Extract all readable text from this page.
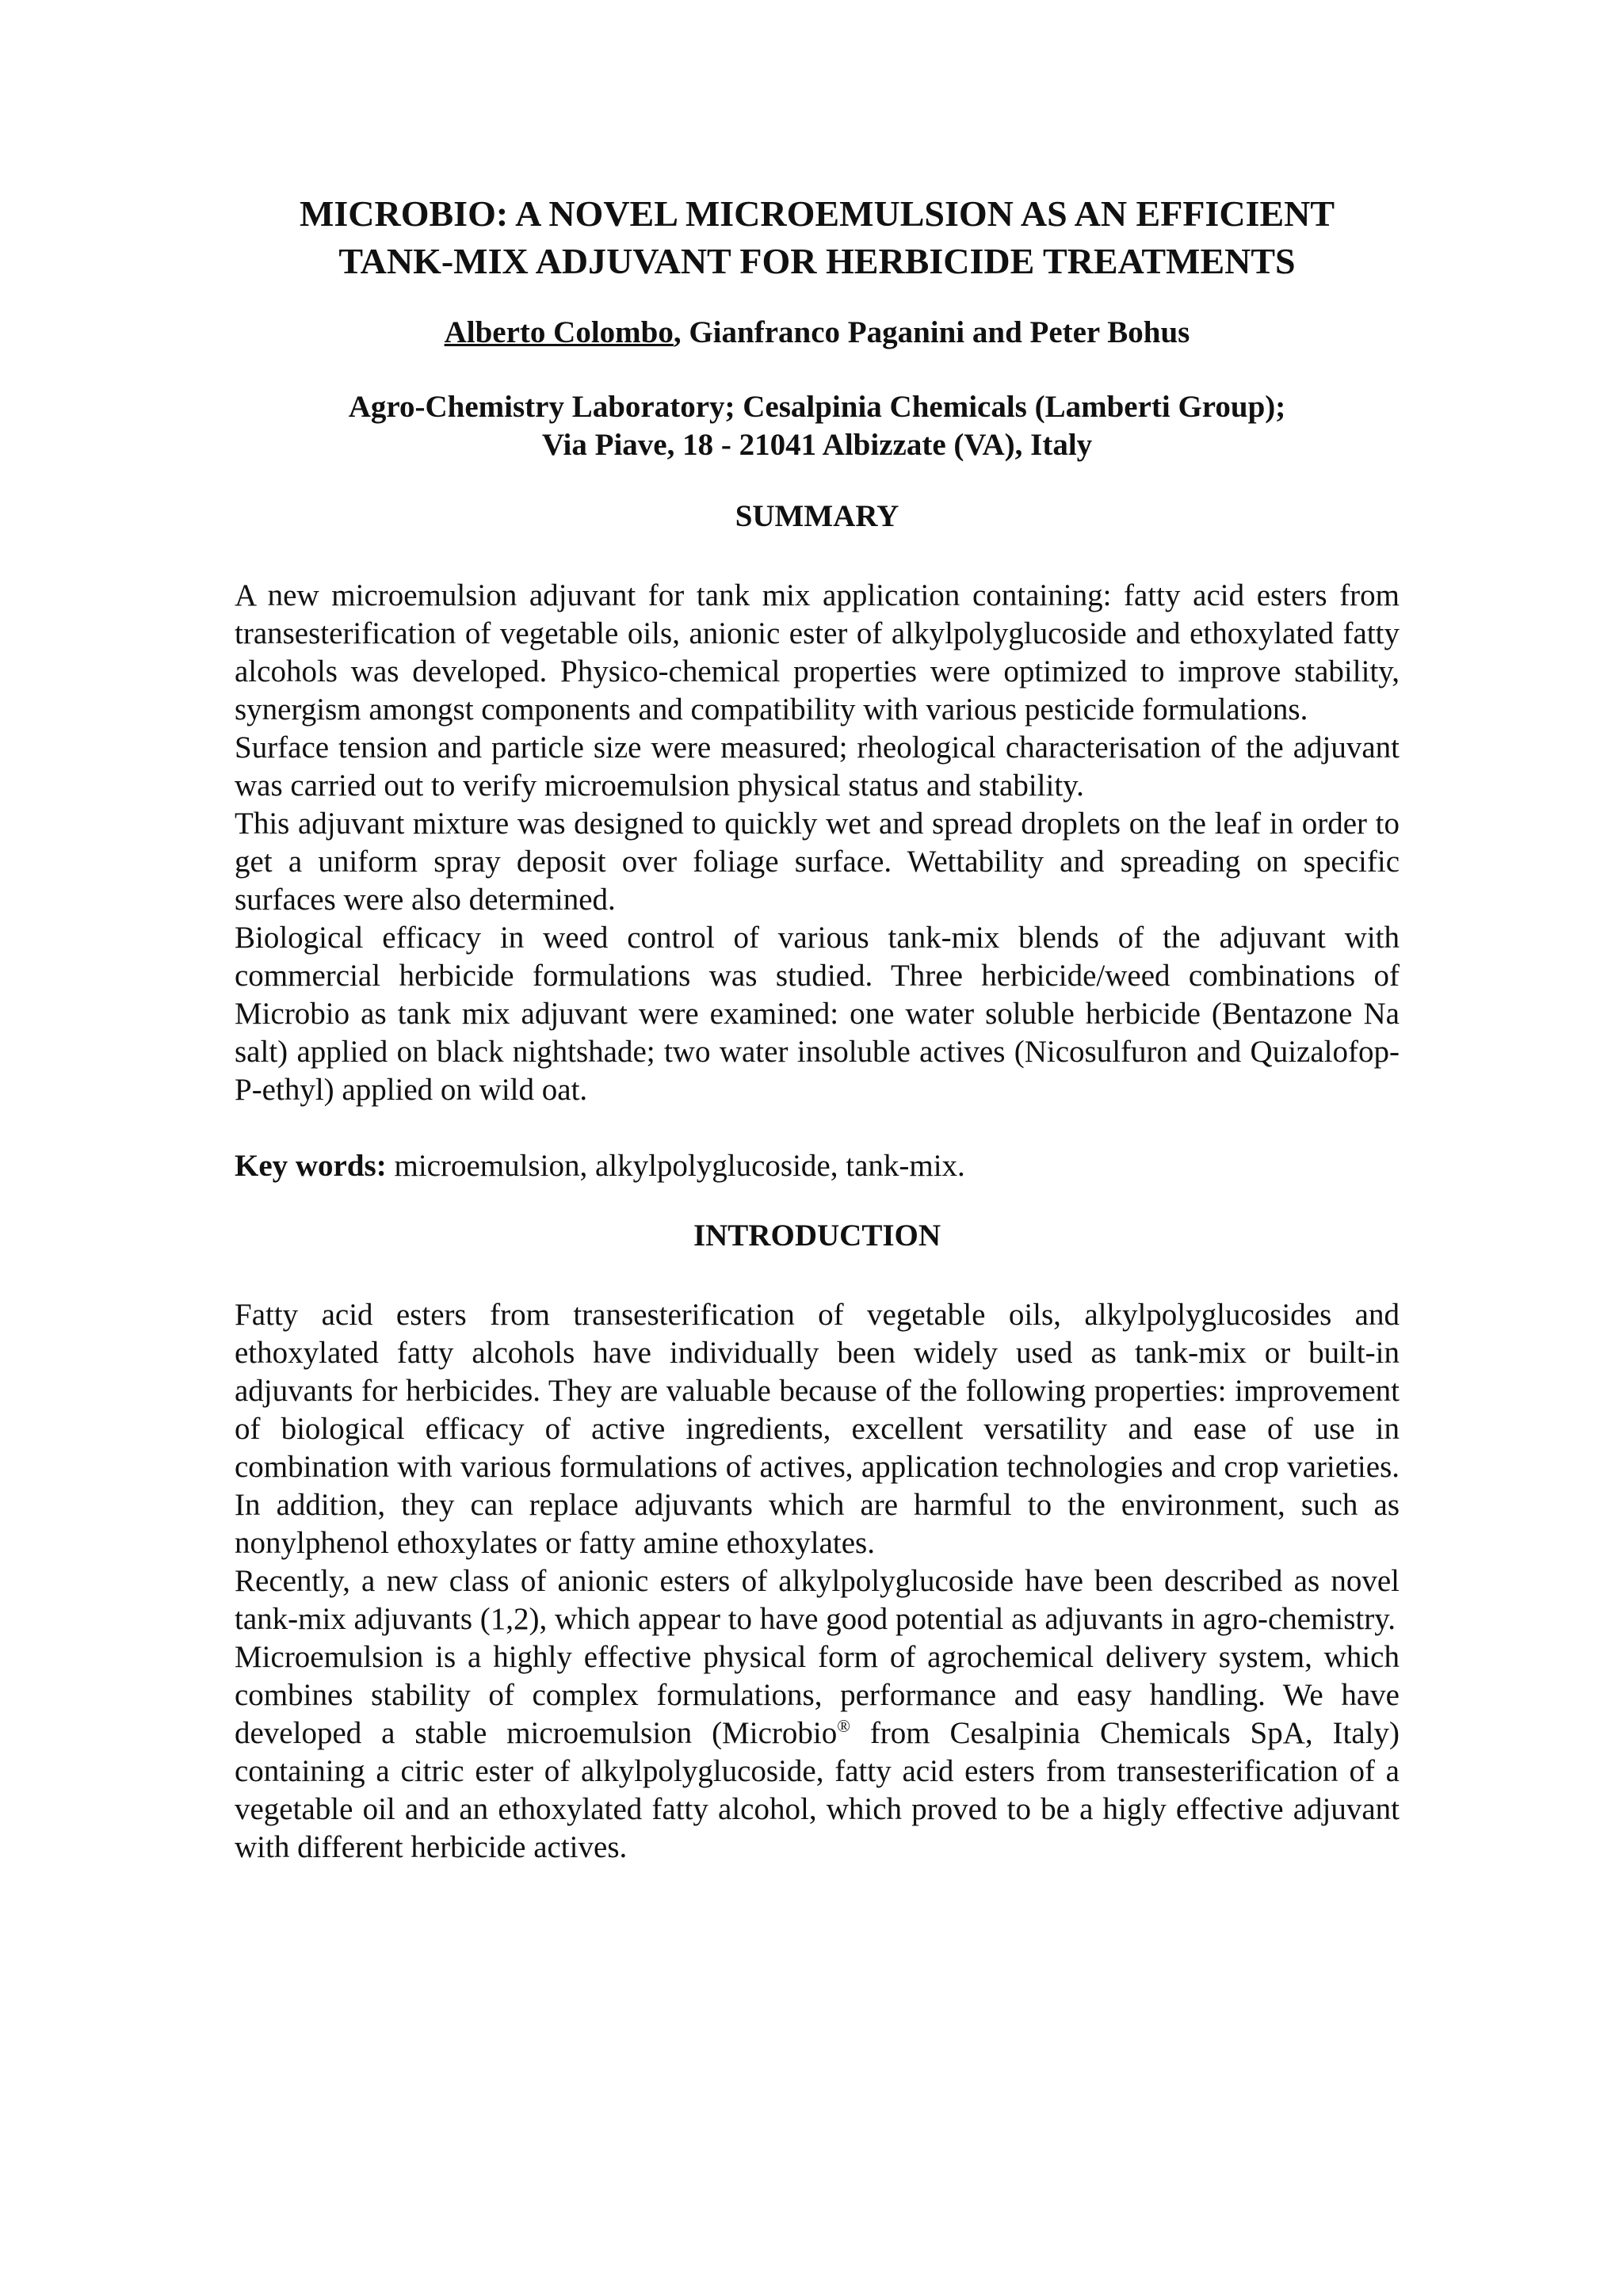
MICROBIO: A NOVEL MICROEMULSION AS AN EFFICIENT

TANK-MIX ADJUVANT FOR HERBICIDE TREATMENTS

Alberto Colombo, Gianfranco Paganini and Peter Bohus
Agro-Chemistry Laboratory; Cesalpinia Chemicals (Lamberti Group);
Via Piave, 18 - 21041 Albizzate (VA), Italy

SUMMARY

A new microemulsion adjuvant for tank mix application containing: fatty acid esters from transesterification of vegetable oils, anionic ester of alkylpolyglucoside and ethoxylated fatty alcohols was developed. Physico-chemical properties were optimized to improve stability, synergism amongst components and compatibility with various pesticide formulations.

Surface tension and particle size were measured; rheological characterisation of the adjuvant was carried out to verify microemulsion physical status and stability.

This adjuvant mixture was designed to quickly wet and spread droplets on the leaf in order to get a uniform spray deposit over foliage surface. Wettability and spreading on specific surfaces were also determined.

Biological efficacy in weed control of various tank-mix blends of the adjuvant with commercial herbicide formulations was studied. Three herbicide/weed combinations of Microbio as tank mix adjuvant were examined: one water soluble herbicide (Bentazone Na salt) applied on black nightshade; two water insoluble actives (Nicosulfuron and Quizalofop-P-ethyl) applied on wild oat.

Key words: microemulsion, alkylpolyglucoside, tank-mix.

INTRODUCTION

Fatty acid esters from transesterification of vegetable oils, alkylpolyglucosides and ethoxylated fatty alcohols have individually been widely used as tank-mix or built-in adjuvants for herbicides. They are valuable because of the following properties: improvement of biological efficacy of active ingredients, excellent versatility and ease of use in combination with various formulations of actives, application technologies and crop varieties. In addition, they can replace adjuvants which are harmful to the environment, such as nonylphenol ethoxylates or fatty amine ethoxylates.

Recently, a new class of anionic esters of alkylpolyglucoside have been described as novel tank-mix adjuvants (1,2), which appear to have good potential as adjuvants in agro-chemistry.

Microemulsion is a highly effective physical form of agrochemical delivery system, which combines stability of complex formulations, performance and easy handling. We have developed a stable microemulsion (Microbio® from Cesalpinia Chemicals SpA, Italy) containing a citric ester of alkylpolyglucoside, fatty acid esters from transesterification of a vegetable oil and an ethoxylated fatty alcohol, which proved to be a higly effective adjuvant with different herbicide actives.
